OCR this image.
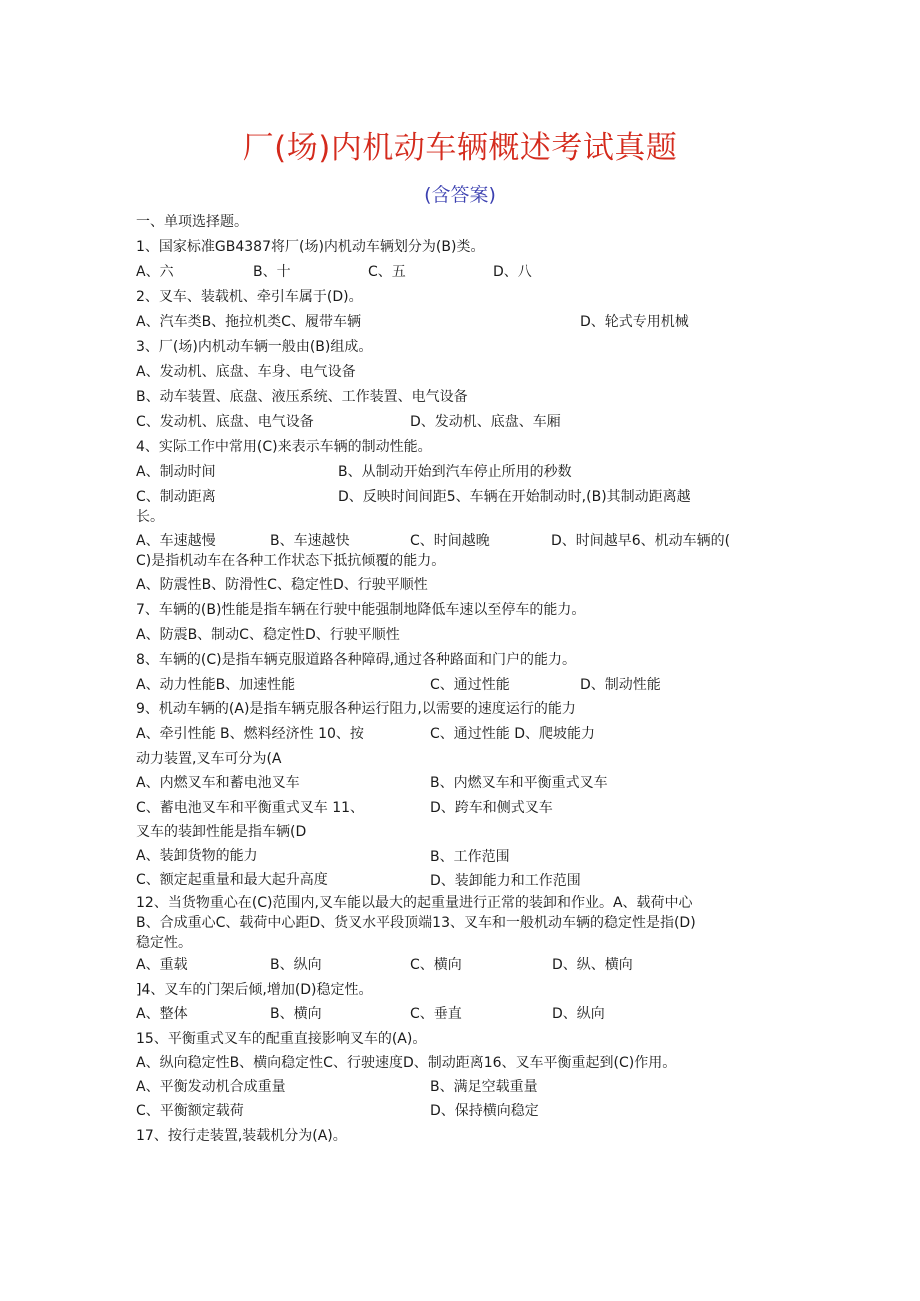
厂(场)内机动车辆概述考试真题
(含答案)
一、单项选择题。
1、国家标准GB4387将厂(场)内机动车辆划分为(B)类。
A、六	B、十	C、五	D、八
2、叉车、装载机、牵引车属于(D)。
A、汽车类B、拖拉机类C、履带车辆	D、轮式专用机械
3、厂(场)内机动车辆一般由(B)组成。
A、发动机、底盘、车身、电气设备
B、动车装置、底盘、液压系统、工作装置、电气设备
C、发动机、底盘、电气设备	D、发动机、底盘、车厢
4、实际工作中常用(C)来表示车辆的制动性能。
A、制动时间	B、从制动开始到汽车停止所用的秒数
C、制动距离	D、反映时间间距5、车辆在开始制动时,(B)其制动距离越
长。
A、车速越慢	B、车速越快	C、时间越晚	D、时间越早6、机动车辆的(
C)是指机动车在各种工作状态下抵抗倾覆的能力。
A、防震性B、防滑性C、稳定性D、行驶平顺性
7、车辆的(B)性能是指车辆在行驶中能强制地降低车速以至停车的能力。
A、防震B、制动C、稳定性D、行驶平顺性
8、车辆的(C)是指车辆克服道路各种障碍,通过各种路面和门户的能力。
A、动力性能B、加速性能	C、通过性能	D、制动性能
9、机动车辆的(A)是指车辆克服各种运行阻力,以需要的速度运行的能力
A、牵引性能 B、燃料经济性 10、按	C、通过性能 D、爬坡能力
动力装置,叉车可分为(A
A、内燃叉车和蓄电池叉车	B、内燃叉车和平衡重式叉车
C、蓄电池叉车和平衡重式叉车 11、	D、跨车和侧式叉车
叉车的装卸性能是指车辆(D
A、装卸货物的能力	B、工作范围
C、额定起重量和最大起升高度	D、装卸能力和工作范围
12、当货物重心在(C)范围内,叉车能以最大的起重量进行正常的装卸和作业。A、载荷中心
B、合成重心C、载荷中心距D、货叉水平段顶端13、叉车和一般机动车辆的稳定性是指(D)
稳定性。
A、重载	B、纵向	C、横向	D、纵、横向
]4、叉车的门架后倾,增加(D)稳定性。
A、整体	B、横向	C、垂直	D、纵向
15、平衡重式叉车的配重直接影响叉车的(A)。
A、纵向稳定性B、横向稳定性C、行驶速度D、制动距离16、叉车平衡重起到(C)作用。
A、平衡发动机合成重量	B、满足空载重量
C、平衡额定载荷	D、保持横向稳定
17、按行走装置,装载机分为(A)。
